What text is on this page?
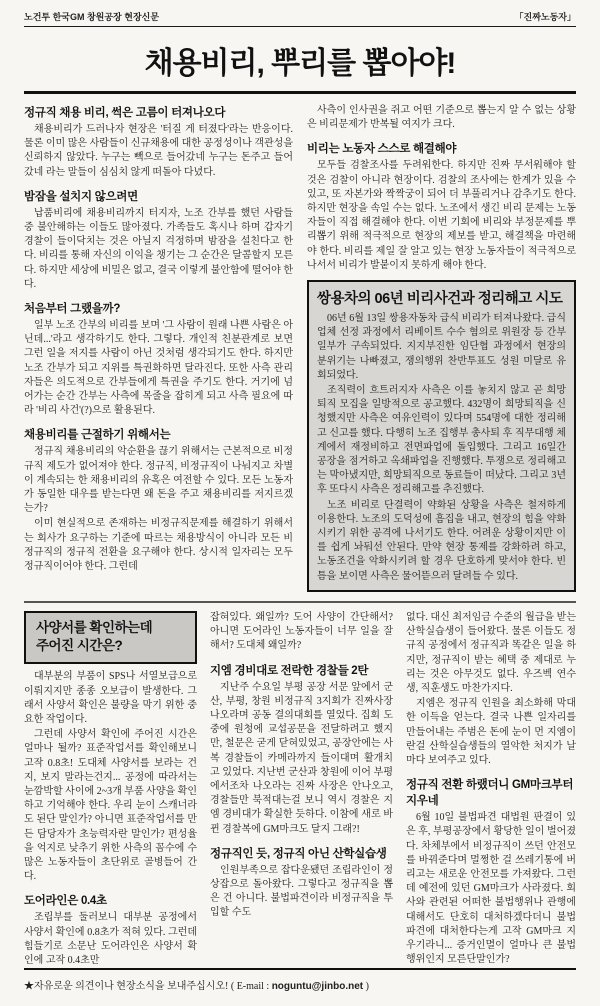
노건투 한국GM 창원공장 현장신문	「진짜노동자」
채용비리, 뿌리를 뽑아야!
정규직 채용 비리, 썩은 고름이 터져나오다

채용비리가 드러나자 현장은 '터질 게 터졌다'라는 반응이다. 물론 이미 많은 사람들이 신규채용에 대한 공정성이나 객관성을 신뢰하지 않았다. 누구는 빽으로 들어갔네 누구는 돈주고 들어갔네 라는 말들이 심심치 않게 떠돌아 다녔다.

밤잠을 설치지 않으려면

납품비리에 채용비리까지 터지자, 노조 간부를 했던 사람들 중 불안해하는 이들도 많아졌다. 가족들도 혹시나 하며 갑자기 경찰이 들이닥치는 것은 아닐지 걱정하며 밤잠을 설친다고 한다. 비리를 통해 자신의 이익을 챙기는 그 순간은 달콤할지 모른다. 하지만 세상에 비밀은 없고, 결국 이렇게 불안함에 떨어야 한다.

처음부터 그랬을까?

일부 노조 간부의 비리를 보며 '그 사람이 원래 나쁜 사람은 아닌데...'라고 생각하기도 한다. 그렇다. 개인적 친분관계로 보면 그런 일을 저지를 사람이 아닌 것처럼 생각되기도 한다. 하지만 노조 간부가 되고 지위를 특권화하면 달라진다. 또한 사측 관리자들은 의도적으로 간부들에게 특권을 주기도 한다. 거기에 넘어가는 순간 간부는 사측에 목줄을 잡히게 되고 사측 필요에 따라 '비리 사건'(?)으로 활용된다.

채용비리를 근절하기 위해서는

정규직 채용비리의 악순환을 끊기 위해서는 근본적으로 비정규직 제도가 없어져야 한다. 정규직, 비정규직이 나눠지고 차별이 계속되는 한 채용비리의 유혹은 여전할 수 있다. 모든 노동자가 동일한 대우를 받는다면 왜 돈을 주고 채용비리를 저지르겠는가?

이미 현실적으로 존재하는 비정규직문제를 해결하기 위해서는 회사가 요구하는 기준에 따르는 채용방식이 아니라 모든 비정규직의 정규직 전환을 요구해야 한다. 상시적 일자리는 모두 정규직이어야 한다. 그런데

사측이 인사권을 쥐고 어떤 기준으로 뽑는지 알 수 없는 상황은 비리문제가 반복될 여지가 크다.

비리는 노동자 스스로 해결해야

모두들 검찰조사를 두려워한다. 하지만 진짜 무서워해야 할 것은 검찰이 아니라 현장이다. 검찰의 조사에는 한계가 있을 수 있고, 또 자본가와 짝짝궁이 되어 더 부풀리거나 감추기도 한다. 하지만 현장을 속일 수는 없다. 노조에서 생긴 비리 문제는 노동자들이 직접 해결해야 한다. 이번 기회에 비리와 부정문제를 뿌리뽑기 위해 적극적으로 현장의 제보를 받고, 해결책을 마련해야 한다. 비리를 제일 잘 알고 있는 현장 노동자들이 적극적으로 나서서 비리가 발붙이지 못하게 해야 한다.

쌍용차의 06년 비리사건과 정리해고 시도

06년 6월 13일 쌍용자동차 급식 비리가 터져나왔다. 급식업체 선정 과정에서 리베이트 수수 혐의로 위원장 등 간부 일부가 구속되었다. 지지부진한 임단협 과정에서 현장의 분위기는 나빠졌고, 쟁의행위 찬반투표도 성원 미달로 유회되었다.

조직력이 흐트러지자 사측은 이를 놓치지 않고 곧 희망퇴직 모집을 일방적으로 공고했다. 432명이 희망퇴직을 신청했지만 사측은 여유인력이 있다며 554명에 대한 정리해고 신고를 했다. 다행히 노조 집행부 총사퇴 후 직무대행 체계에서 재정비하고 전면파업에 돌입했다. 그리고 16일간 공장을 점거하고 옥쇄파업을 진행했다. 투쟁으로 정리해고는 막아냈지만, 희망퇴직으로 동료들이 떠났다. 그리고 3년 후 또다시 사측은 정리해고를 추진했다.

노조 비리로 단결력이 약화된 상황을 사측은 철저하게 이용한다. 노조의 도덕성에 흠집을 내고, 현장의 힘을 약화시키기 위한 공격에 나서기도 한다. 어려운 상황이지만 이를 쉽게 놔둬선 안된다. 만약 현장 통제를 강화하려 하고, 노동조건을 악화시키려 할 경우 단호하게 맞서야 한다. 빈틈을 보이면 사측은 물어뜯으러 달려들 수 있다.

사양서를 확인하는데
주어진 시간은?

대부분의 부품이 SPS나 서열보급으로 이뤄지지만 종종 오보급이 발생한다. 그래서 사양서 확인은 불량을 막기 위한 중요한 작업이다.

그런데 사양서 확인에 주어진 시간은 얼마나 될까? 표준작업서를 확인해보니 고작 0.8초! 도대체 사양서를 보라는 건지, 보지 말라는건지... 공정에 따라서는 눈깜박할 사이에 2~3개 부품 사양을 확인하고 기억해야 한다. 우리 눈이 스캐너라도 된단 말인가? 아니면 표준작업서를 만든 담당자가 초능력자란 말인가? 편성율을 억지로 낮추기 위한 사측의 꼼수에 수많은 노동자들이 초단위로 골병들어 간다.

도어라인은 0.4초

조립부를 둘러보니 대부분 공정에서 사양서 확인에 0.8초가 적혀 있다. 그런데 힘들기로 소문난 도어라인은 사양서 확인에 고작 0.4초만

잡혀있다. 왜일까? 도어 사양이 간단해서? 아니면 도어라인 노동자들이 너무 일을 잘해서? 도대체 왜일까?

지엠 경비대로 전락한 경찰들 2탄

지난주 수요일 부평 공장 서문 앞에서 군산, 부평, 창원 비정규직 3지회가 진짜사장 나오라며 공동 결의대회를 열었다. 집회 도중에 원청에 교섭공문을 전달하려고 했지만, 철문은 굳게 닫혀있었고, 공장안에는 사복 경찰들이 카메라까지 들이대며 활개치고 있었다. 지난번 군산과 창원에 이어 부평에서조차 나오라는 진짜 사장은 안나오고, 경찰들만 북적대는걸 보니 역시 경찰은 지엠 경비대가 확실한 듯하다. 이참에 새로 바뀐 경찰복에 GM마크도 달지 그래?!

정규직인 듯, 정규직 아닌 산학실습생

인원부족으로 잡다운됐던 조립라인이 정상잡으로 돌아왔다. 그렇다고 정규직을 뽑은 건 아니다. 불법파견이라 비정규직을 투입할 수도

없다. 대신 최저임금 수준의 월급을 받는 산학실습생이 들어왔다. 물론 이들도 정규직 공정에서 정규직과 똑같은 일을 하지만, 정규직이 받는 혜택 중 제대로 누리는 것은 아무것도 없다. 우즈벡 연수생, 직훈생도 마찬가지다.

지엠은 정규직 인원을 최소화해 막대한 이득을 얻는다. 결국 나쁜 일자리를 만들어내는 주범은 돈에 눈이 먼 지엠이란걸 산학실습생들의 열악한 처지가 날마다 보여주고 있다.

정규직 전환 하랬더니 GM마크부터 지우네

6월 10일 불법파견 대법원 판결이 있은 후, 부평공장에서 황당한 일이 벌어졌다. 차체부에서 비정규직이 쓰던 안전모를 바꿔준다며 멀쩡한 걸 쓰레기통에 버리고는 새로운 안전모를 가져왔다. 그런데 예전에 있던 GM마크가 사라졌다. 회사와 관련된 어떠한 불법행위나 관행에 대해서도 단호히 대처하겠다더니 불법파견에 대처한다는게 고작 GM마크 지우기라니... 증거인멸이 얼마나 큰 불법행위인지 모른단말인가?

★자유로운 의견이나 현장소식을 보내주십시오! ( E-mail : noguntu@jinbo.net )
